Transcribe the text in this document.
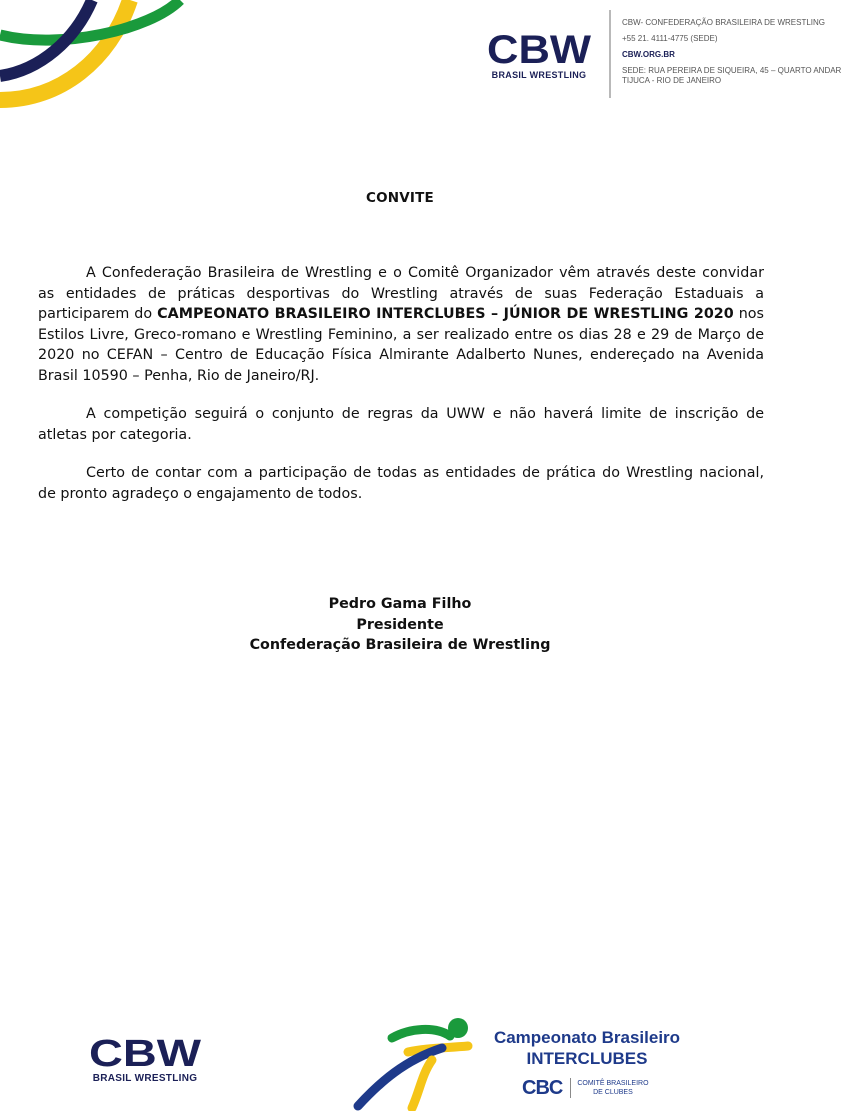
CBW
BRASIL WRESTLING
CBW- CONFEDERAÇÃO BRASILEIRA DE WRESTLING
+55 21. 4111-4775 (SEDE)
CBW.ORG.BR
SEDE: RUA PEREIRA DE SIQUEIRA, 45 – QUARTO ANDAR
TIJUCA - RIO DE JANEIRO
CONVITE

A Confederação Brasileira de Wrestling e o Comitê Organizador vêm através deste convidar as entidades de práticas desportivas do Wrestling através de suas Federação Estaduais a participarem do CAMPEONATO BRASILEIRO INTERCLUBES – JÚNIOR DE WRESTLING 2020 nos Estilos Livre, Greco-romano e Wrestling Feminino, a ser realizado entre os dias 28 e 29 de Março de 2020 no CEFAN – Centro de Educação Física Almirante Adalberto Nunes, endereçado na Avenida Brasil 10590 – Penha, Rio de Janeiro/RJ.

A competição seguirá o conjunto de regras da UWW e não haverá limite de inscrição de atletas por categoria.

Certo de contar com a participação de todas as entidades de prática do Wrestling nacional, de pronto agradeço o engajamento de todos.

Pedro Gama Filho
Presidente
Confederação Brasileira de Wrestling
CBW
BRASIL WRESTLING
Campeonato Brasileiro
INTERCLUBES
CBC COMITÊ BRASILEIRO
DE CLUBES
